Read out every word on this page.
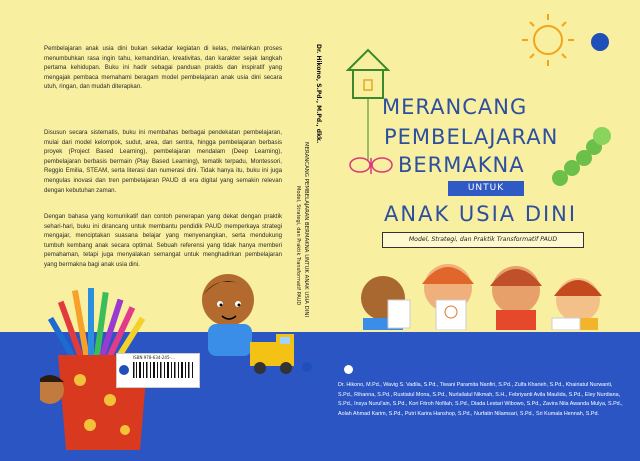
Pembelajaran anak usia dini bukan sekadar kegiatan di kelas, melainkan proses menumbuhkan rasa ingin tahu, kemandirian, kreativitas, dan karakter sejak langkah pertama kehidupan. Buku ini hadir sebagai panduan praktis dan inspiratif yang mengajak pembaca memahami beragam model pembelajaran anak usia dini secara utuh, ringan, dan mudah diterapkan.
Disusun secara sistematis, buku ini membahas berbagai pendekatan pembelajaran, mulai dari model kelompok, sudut, area, dan sentra, hingga pembelajaran berbasis proyek (Project Based Learning), pembelajaran mendalam (Deep Learning), pembelajaran berbasis bermain (Play Based Learning), tematik terpadu, Montessori, Reggio Emilia, STEAM, serta literasi dan numerasi dini. Tidak hanya itu, buku ini juga mengulas inovasi dan tren pembelajaran PAUD di era digital yang semakin relevan dengan kebutuhan zaman.
Dengan bahasa yang komunikatif dan contoh penerapan yang dekat dengan praktik sehari-hari, buku ini dirancang untuk membantu pendidik PAUD memperkaya strategi mengajar, menciptakan suasana belajar yang menyenangkan, serta mendukung tumbuh kembang anak secara optimal. Sebuah referensi yang tidak hanya memberi pemahaman, tetapi juga menyalakan semangat untuk menghadirkan pembelajaran yang bermakna bagi anak usia dini.
ISBN 978-634-245-...
Dr. Hikono, S.Pd., M.Pd., dkk.
MERANCANG PEMBELAJARAN BERMAKNA UNTUK ANAK USIA DINI
Model, Strategi, dan Praktik Transformatif PAUD
MERANCANG
PEMBELAJARAN
BERMAKNA
UNTUK
ANAK USIA DINI
Model, Strategi, dan Praktik Transformatif PAUD
Dr. Hikono, M.Pd., Wavig S. Vadila, S.Pd., Tiwani Paramita Nanfiri, S.Pd., Zulfa Kharieh, S.Pd., Khairiatul Nurwanti, S.Pd., Rihanna, S.Pd., Rustiatul Mona, S.Pd., Nurlailatul Nikmah, S.H., Febriyanti Avila Maulida, S.Pd., Eley Nurdiana, S.Pd., Insya Nurul'ain, S.Pd., Kori Fitroh Nofilah, S.Pd., Diada Lestari Wibowo, S.Pd., Zavira Nila Awanda Mulya, S.Pd., Aolah Ahmad Karim, S.Pd., Putri Karira Hanshop, S.Pd., Nurfatin Nilamsari, S.Pd., Sri Kumala Hennah, S.Pd.
